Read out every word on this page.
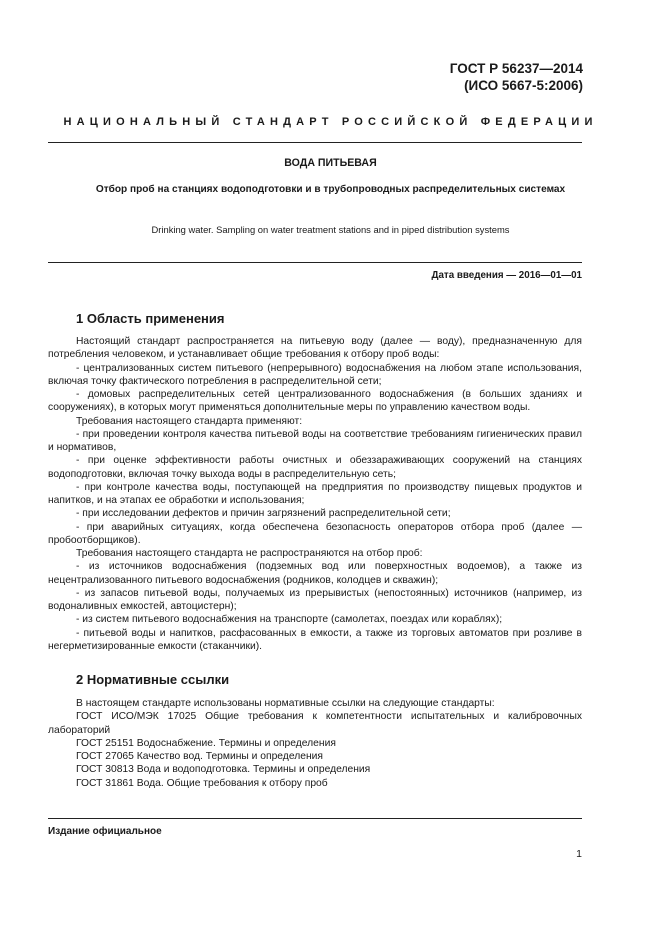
ГОСТ Р 56237—2014
(ИСО 5667-5:2006)
НАЦИОНАЛЬНЫЙ СТАНДАРТ РОССИЙСКОЙ ФЕДЕРАЦИИ
ВОДА ПИТЬЕВАЯ
Отбор проб на станциях водоподготовки и в трубопроводных распределительных системах
Drinking water. Sampling on water treatment stations and in piped distribution systems
Дата введения — 2016—01—01
1 Область применения

Настоящий стандарт распространяется на питьевую воду (далее — воду), предназначенную для потребления человеком, и устанавливает общие требования к отбору проб воды:

- централизованных систем питьевого (непрерывного) водоснабжения на любом этапе использования, включая точку фактического потребления в распределительной сети;

- домовых распределительных сетей централизованного водоснабжения (в больших зданиях и сооружениях), в которых могут применяться дополнительные меры по управлению качеством воды.

Требования настоящего стандарта применяют:

- при проведении контроля качества питьевой воды на соответствие требованиям гигиенических правил и нормативов,

- при оценке эффективности работы очистных и обеззараживающих сооружений на станциях водоподготовки, включая точку выхода воды в распределительную сеть;

- при контроле качества воды, поступающей на предприятия по производству пищевых продуктов и напитков, и на этапах ее обработки и использования;

- при исследовании дефектов и причин загрязнений распределительной сети;

- при аварийных ситуациях, когда обеспечена безопасность операторов отбора проб (далее — пробоотборщиков).

Требования настоящего стандарта не распространяются на отбор проб:

- из источников водоснабжения (подземных вод или поверхностных водоемов), а также из нецентрализованного питьевого водоснабжения (родников, колодцев и скважин);

- из запасов питьевой воды, получаемых из прерывистых (непостоянных) источников (например, из водоналивных емкостей, автоцистерн);

- из систем питьевого водоснабжения на транспорте (самолетах, поездах или кораблях);

- питьевой воды и напитков, расфасованных в емкости, а также из торговых автоматов при розливе в негерметизированные емкости (стаканчики).

2 Нормативные ссылки

В настоящем стандарте использованы нормативные ссылки на следующие стандарты:

ГОСТ ИСО/МЭК 17025 Общие требования к компетентности испытательных и калибровочных лабораторий

ГОСТ 25151 Водоснабжение. Термины и определения

ГОСТ 27065 Качество вод. Термины и определения

ГОСТ 30813 Вода и водоподготовка. Термины и определения

ГОСТ 31861 Вода. Общие требования к отбору проб

Издание официальное
1
